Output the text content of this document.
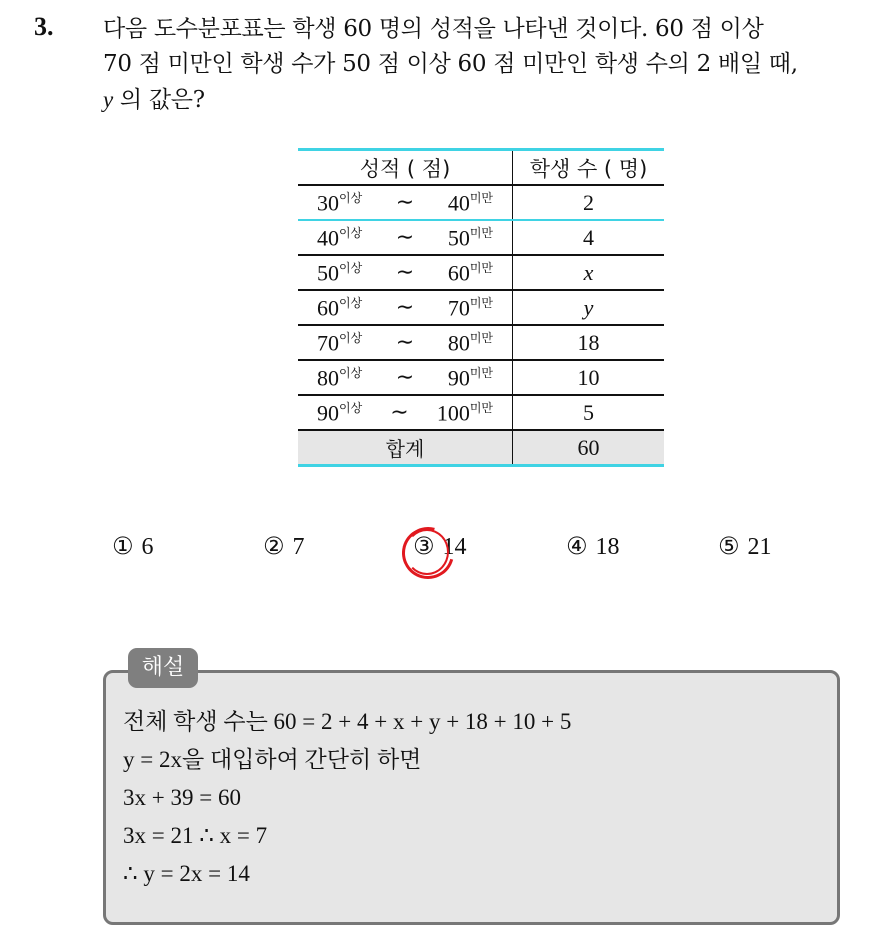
3. 다음 도수분포표는 학생 60 명의 성적을 나타낸 것이다. 60 점 이상
70 점 미만인 학생 수가 50 점 이상 60 점 미만인 학생 수의 2 배일 때,
y 의 값은?
성적 ( 점)	학생 수 ( 명)

$30^{이상}$ ∼ $40^{미만}$	2

$40^{이상}$ ∼ $50^{미만}$	4

$50^{이상}$ ∼ $60^{미만}$	x

$60^{이상}$ ∼ $70^{미만}$	y

$70^{이상}$ ∼ $80^{미만}$	18

$80^{이상}$ ∼ $90^{미만}$	10

$90^{이상}$ ∼ $100^{미만}$	5
합계	60
① 6	② 7	③ 14	④ 18	⑤ 21
해설
전체 학생 수는 60 = 2 + 4 + x + y + 18 + 10 + 5
y = 2x을 대입하여 간단히 하면
3x + 39 = 60
3x = 21 ∴ x = 7
∴ y = 2x = 14
